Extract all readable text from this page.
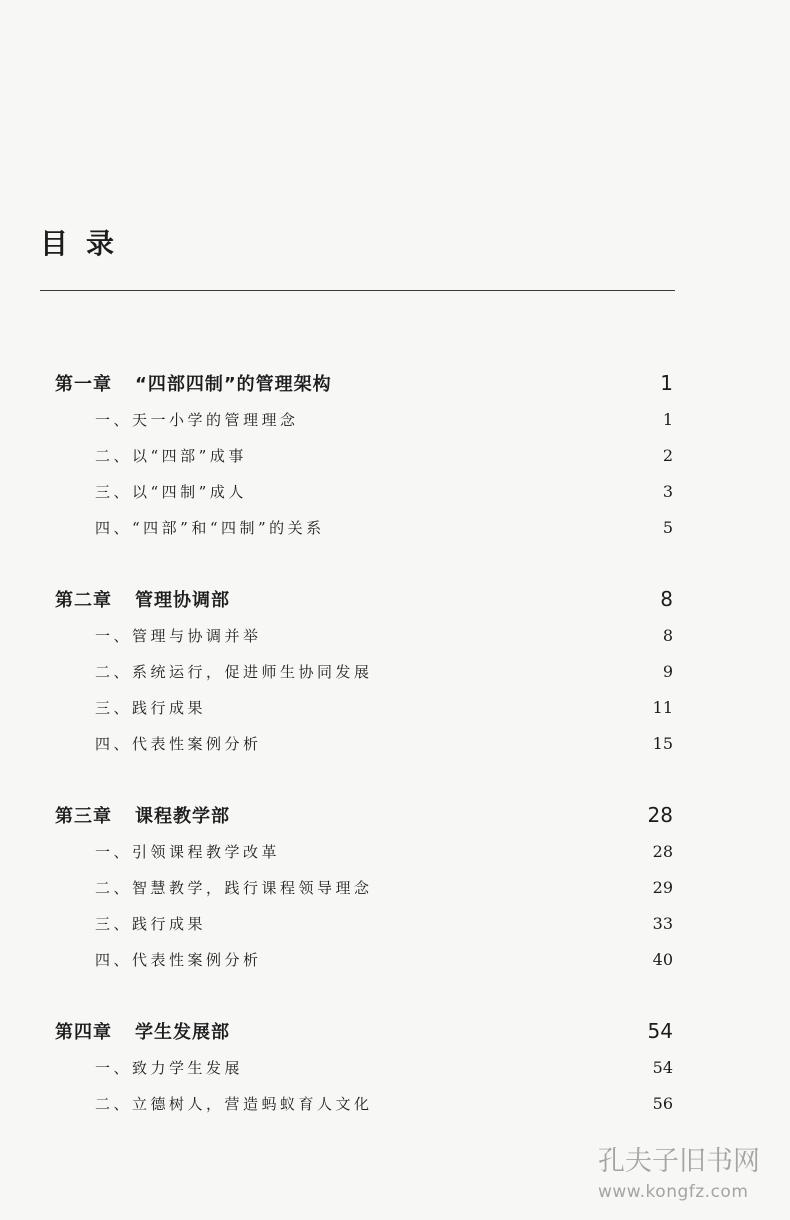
目录
第一章	“四部四制”的管理架构	1
一、天一小学的管理理念	1
二、以“四部”成事	2
三、以“四制”成人	3
四、“四部”和“四制”的关系	5
第二章	管理协调部	8
一、管理与协调并举	8
二、系统运行，促进师生协同发展	9
三、践行成果	11
四、代表性案例分析	15
第三章	课程教学部	28
一、引领课程教学改革	28
二、智慧教学，践行课程领导理念	29
三、践行成果	33
四、代表性案例分析	40
第四章	学生发展部	54
一、致力学生发展	54
二、立德树人，营造蚂蚁育人文化	56
孔夫子旧书网
www.kongfz.com
